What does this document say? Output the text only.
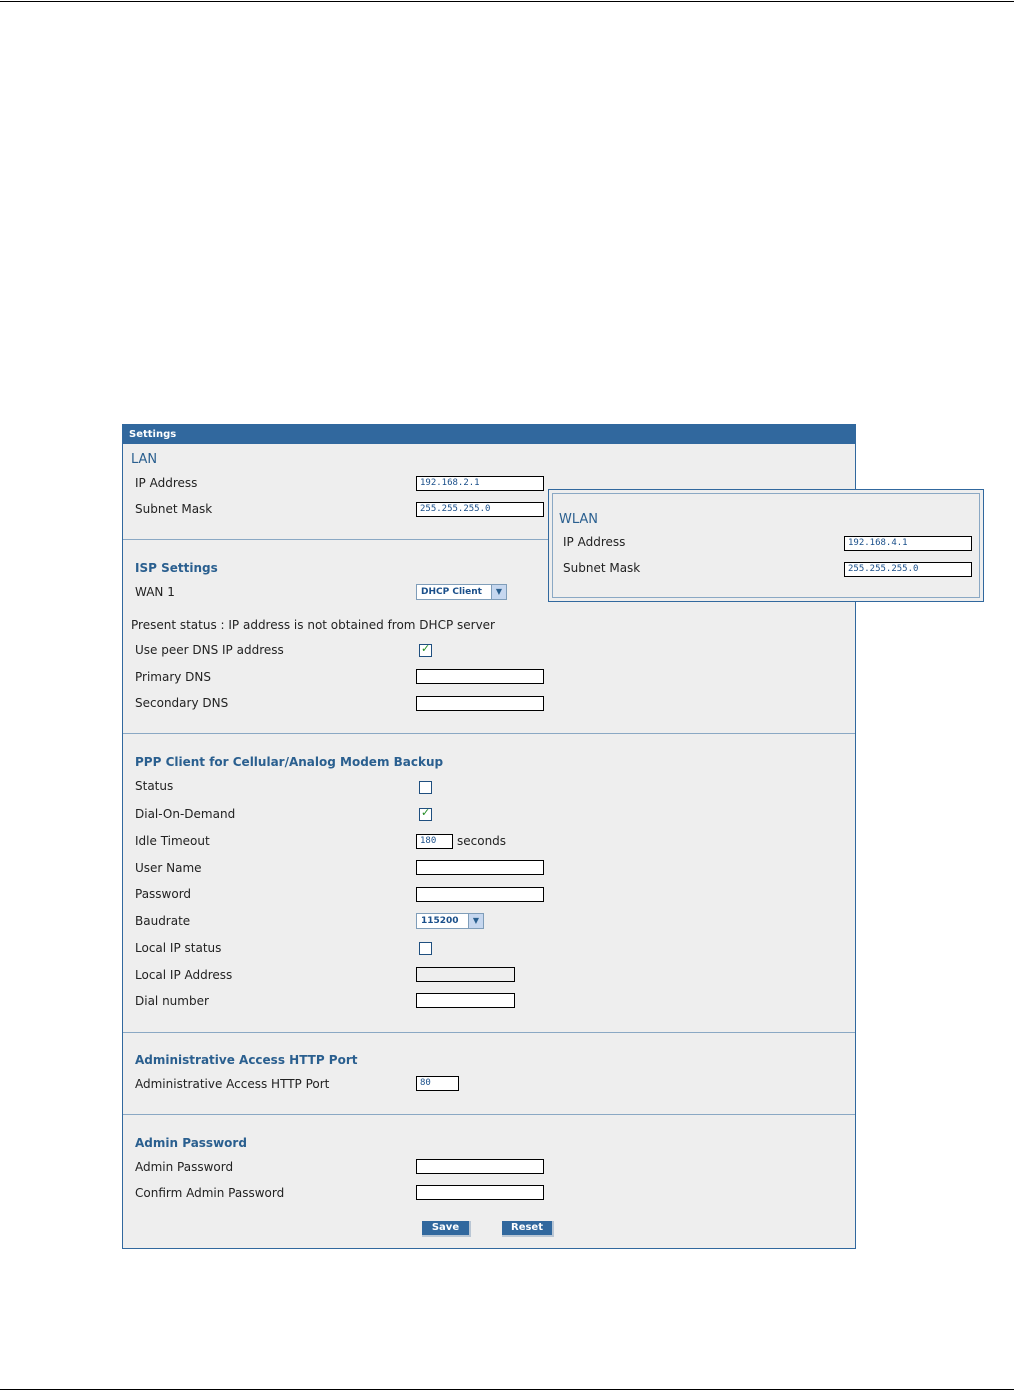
Settings
LAN
IP Address	192.168.2.1
Subnet Mask	255.255.255.0
ISP Settings
WAN 1	DHCP Client	▼
Present status : IP address is not obtained from DHCP server
Use peer DNS IP address	✓
Primary DNS
Secondary DNS
PPP Client for Cellular/Analog Modem Backup
Status
Dial-On-Demand	✓
Idle Timeout	180	seconds
User Name
Password
Baudrate	115200	▼
Local IP status
Local IP Address
Dial number
Administrative Access HTTP Port
Administrative Access HTTP Port	80
Admin Password
Admin Password
Confirm Admin Password
Save	Reset
WLAN
IP Address	192.168.4.1
Subnet Mask	255.255.255.0
